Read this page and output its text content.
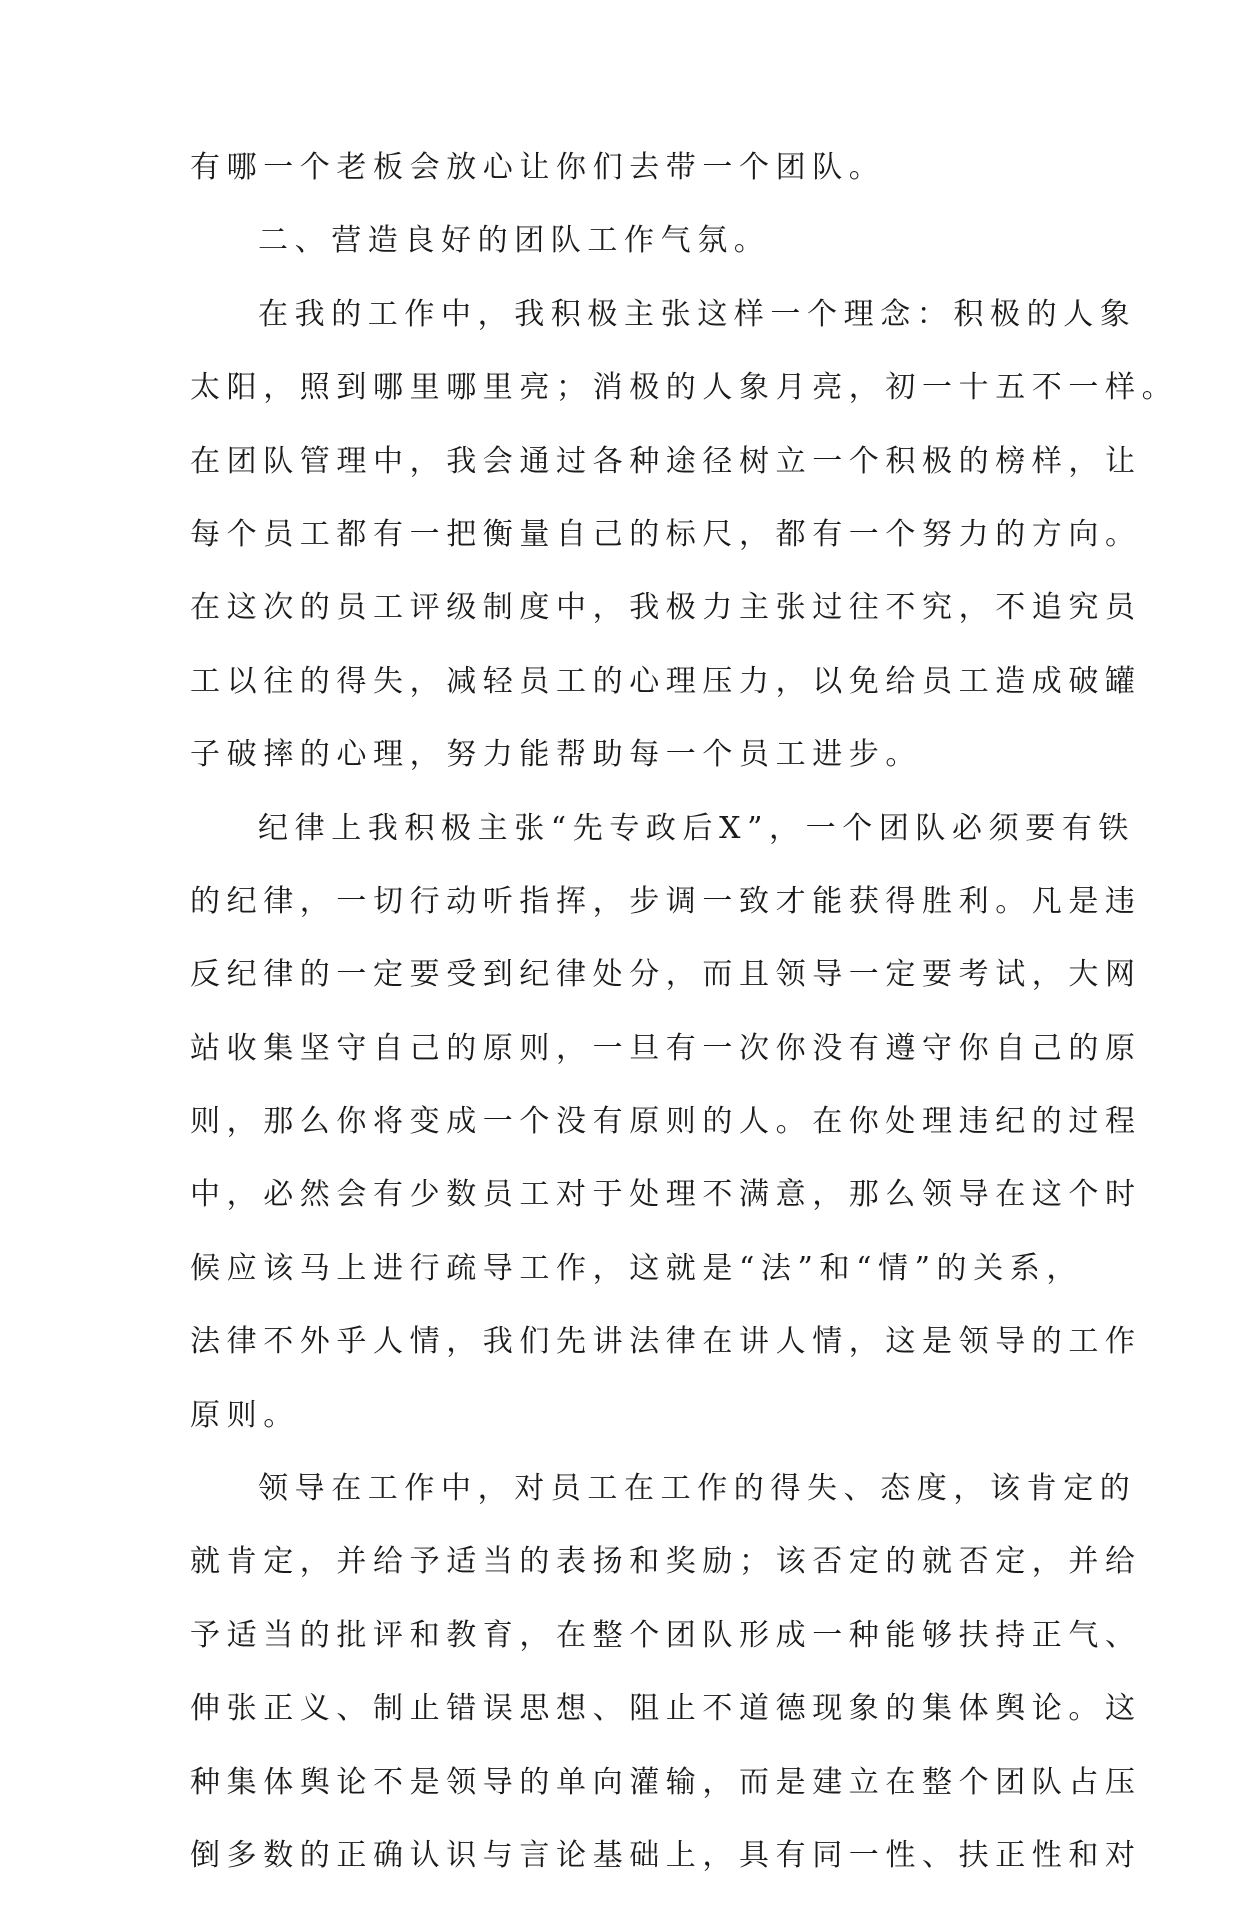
有哪一个老板会放心让你们去带一个团队。
二、营造良好的团队工作气氛。
在我的工作中，我积极主张这样一个理念：积极的人象
太阳，照到哪里哪里亮；消极的人象月亮，初一十五不一样。
在团队管理中，我会通过各种途径树立一个积极的榜样，让
每个员工都有一把衡量自己的标尺，都有一个努力的方向。
在这次的员工评级制度中，我极力主张过往不究，不追究员
工以往的得失，减轻员工的心理压力，以免给员工造成破罐
子破摔的心理，努力能帮助每一个员工进步。
纪律上我积极主张“先专政后X”，一个团队必须要有铁
的纪律，一切行动听指挥，步调一致才能获得胜利。凡是违
反纪律的一定要受到纪律处分，而且领导一定要考试，大网
站收集坚守自己的原则，一旦有一次你没有遵守你自己的原
则，那么你将变成一个没有原则的人。在你处理违纪的过程
中，必然会有少数员工对于处理不满意，那么领导在这个时
候应该马上进行疏导工作，这就是“法”和“情”的关系，
法律不外乎人情，我们先讲法律在讲人情，这是领导的工作
原则。
领导在工作中，对员工在工作的得失、态度，该肯定的
就肯定，并给予适当的表扬和奖励；该否定的就否定，并给
予适当的批评和教育，在整个团队形成一种能够扶持正气、
伸张正义、制止错误思想、阻止不道德现象的集体舆论。这
种集体舆论不是领导的单向灌输，而是建立在整个团队占压
倒多数的正确认识与言论基础上，具有同一性、扶正性和对
